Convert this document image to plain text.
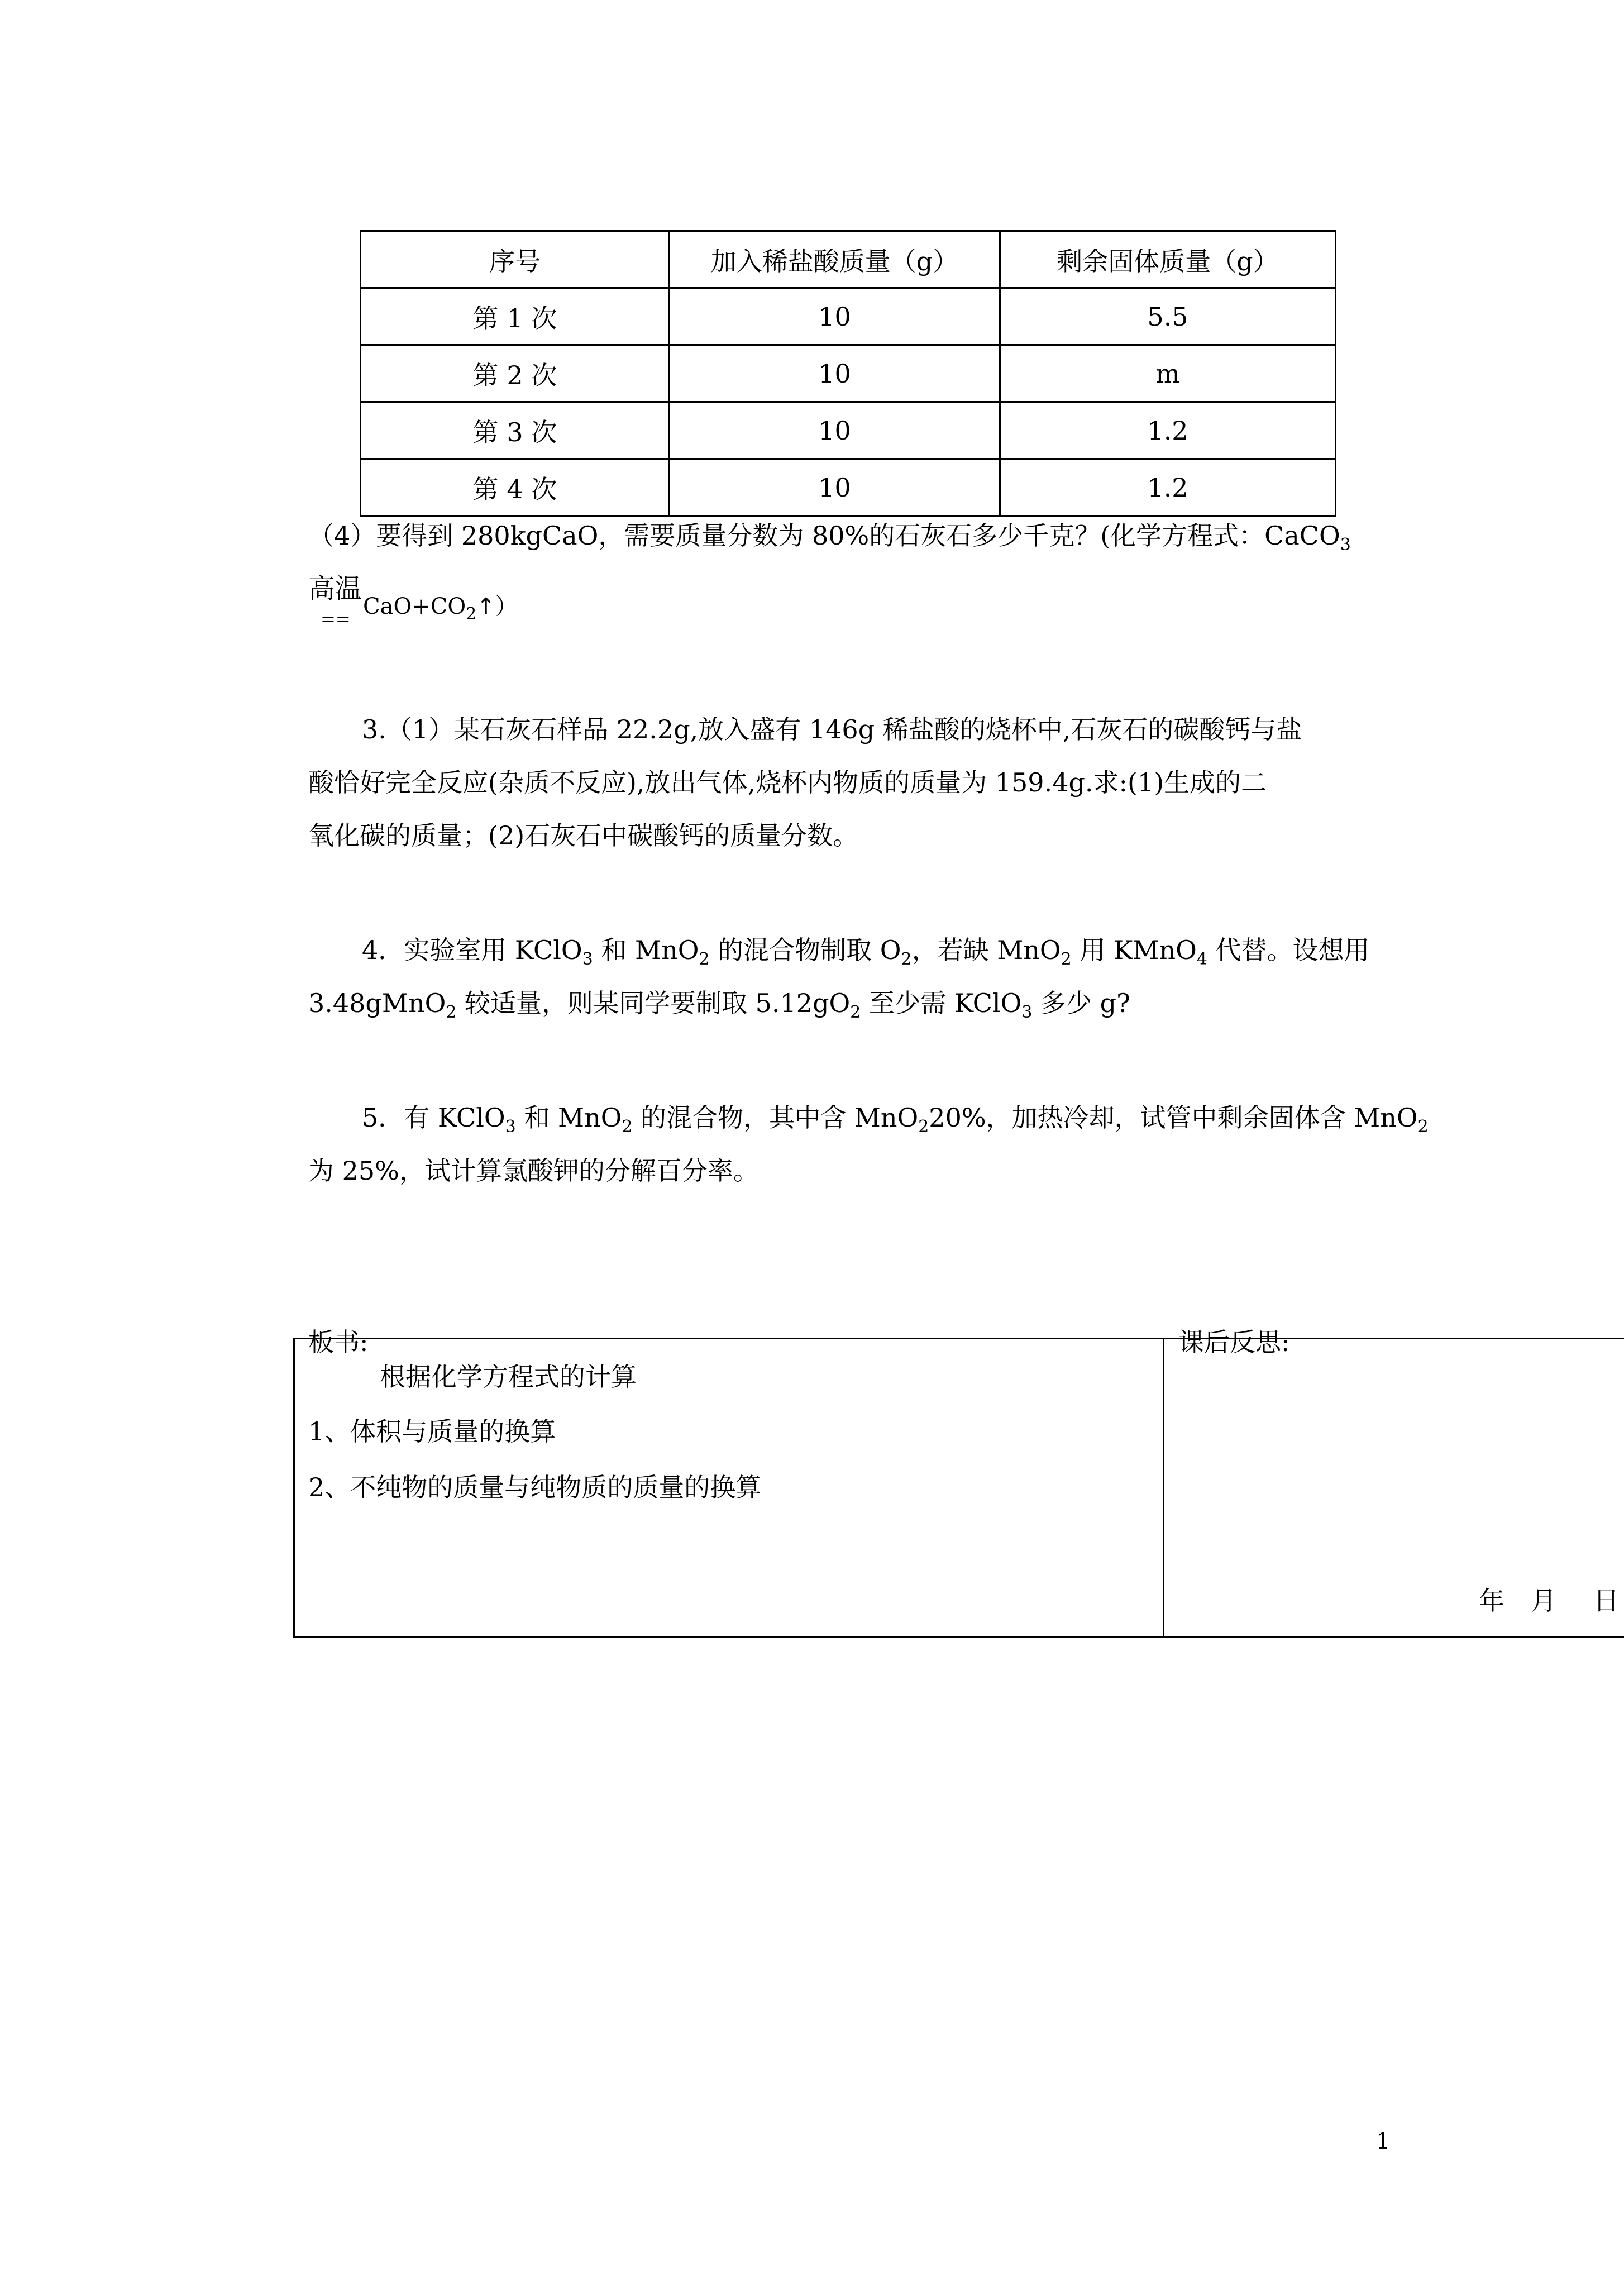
序号	加入稀盐酸质量（g）	剩余固体质量（g）
第 1 次	10	5.5
第 2 次	10	m
第 3 次	10	1.2
第 4 次	10	1.2
（4）要得到 280kgCaO，需要质量分数为 80%的石灰石多少千克？(化学方程式：CaCO$_3$
高温
== $CaO+CO_2↑$）
3.（1）某石灰石样品 22.2g,放入盛有 146g 稀盐酸的烧杯中,石灰石的碳酸钙与盐
酸恰好完全反应(杂质不反应),放出气体,烧杯内物质的质量为 159.4g.求:(1)生成的二
氧化碳的质量；(2)石灰石中碳酸钙的质量分数。
4．实验室用 KClO$_3$ 和 MnO$_2$ 的混合物制取 $O_2$，若缺 MnO$_2$ 用 KMnO$_4$ 代替。设想用
3.48gMnO$_2$ 较适量，则某同学要制取 $5.12gO_2$ 至少需 KClO$_3$ 多少 g?
5．有 KClO$_3$ 和 MnO$_2$ 的混合物，其中含 MnO$_2$20%，加热冷却，试管中剩余固体含 MnO$_2$
为 25%，试计算氯酸钾的分解百分率。
板书:	课后反思:
根据化学方程式的计算
1、体积与质量的换算
2、不纯物的质量与纯物质的质量的换算
年 月 日
1
